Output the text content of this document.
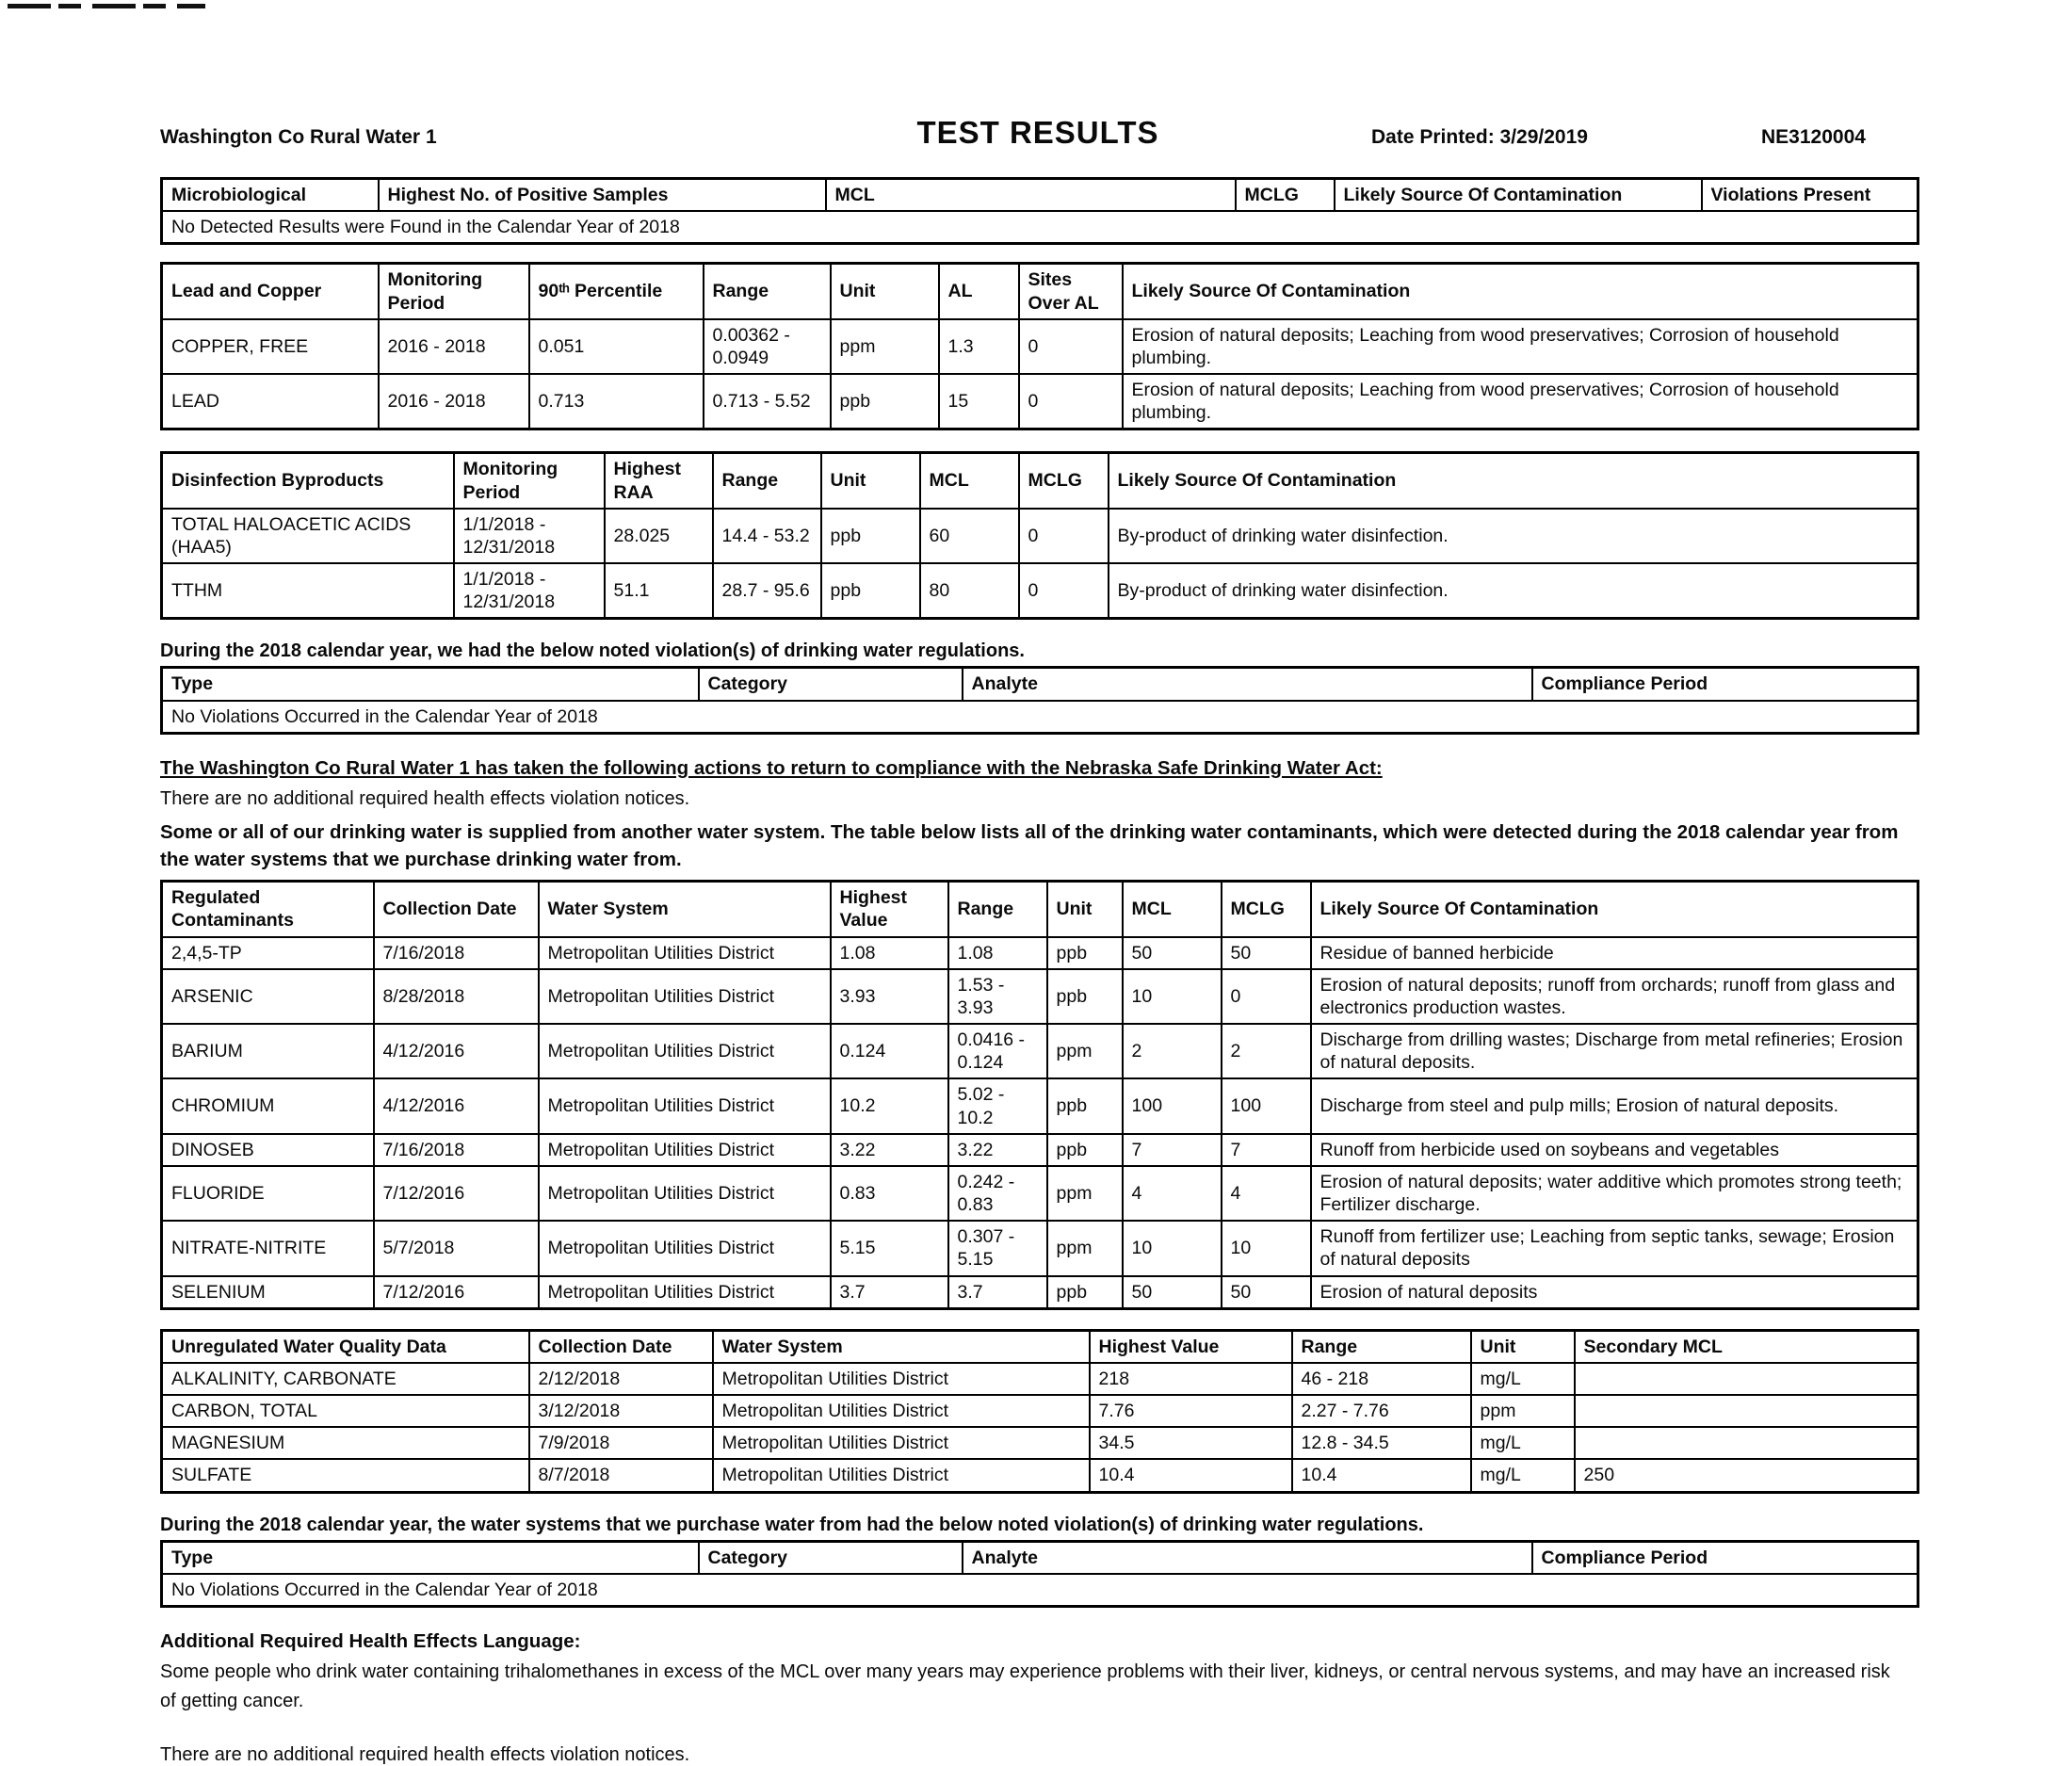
Washington Co Rural Water 1	TEST RESULTS	Date Printed: 3/29/2019	NE3120004
Microbiological	Highest No. of Positive Samples	MCL	MCLG	Likely Source Of Contamination	Violations Present
No Detected Results were Found in the Calendar Year of 2018
Lead and Copper	Monitoring Period	90ᵗʰ Percentile	Range	Unit	AL	Sites Over AL	Likely Source Of Contamination
COPPER, FREE	2016 - 2018	0.051	0.00362 - 0.0949	ppm	1.3	0	Erosion of natural deposits; Leaching from wood preservatives; Corrosion of household plumbing.
LEAD	2016 - 2018	0.713	0.713 - 5.52	ppb	15	0	Erosion of natural deposits; Leaching from wood preservatives; Corrosion of household plumbing.
Disinfection Byproducts	Monitoring Period	Highest RAA	Range	Unit	MCL	MCLG	Likely Source Of Contamination
TOTAL HALOACETIC ACIDS (HAA5)	1/1/2018 - 12/31/2018	28.025	14.4 - 53.2	ppb	60	0	By-product of drinking water disinfection.
TTHM	1/1/2018 - 12/31/2018	51.1	28.7 - 95.6	ppb	80	0	By-product of drinking water disinfection.
During the 2018 calendar year, we had the below noted violation(s) of drinking water regulations.
Type	Category	Analyte	Compliance Period
No Violations Occurred in the Calendar Year of 2018
The Washington Co Rural Water 1 has taken the following actions to return to compliance with the Nebraska Safe Drinking Water Act:
There are no additional required health effects violation notices.
Some or all of our drinking water is supplied from another water system. The table below lists all of the drinking water contaminants, which were detected during the 2018 calendar year from the water systems that we purchase drinking water from.
Regulated Contaminants	Collection Date	Water System	Highest Value	Range	Unit	MCL	MCLG	Likely Source Of Contamination
2,4,5-TP	7/16/2018	Metropolitan Utilities District	1.08	1.08	ppb	50	50	Residue of banned herbicide
ARSENIC	8/28/2018	Metropolitan Utilities District	3.93	1.53 - 3.93	ppb	10	0	Erosion of natural deposits; runoff from orchards; runoff from glass and electronics production wastes.
BARIUM	4/12/2016	Metropolitan Utilities District	0.124	0.0416 - 0.124	ppm	2	2	Discharge from drilling wastes; Discharge from metal refineries; Erosion of natural deposits.
CHROMIUM	4/12/2016	Metropolitan Utilities District	10.2	5.02 - 10.2	ppb	100	100	Discharge from steel and pulp mills; Erosion of natural deposits.
DINOSEB	7/16/2018	Metropolitan Utilities District	3.22	3.22	ppb	7	7	Runoff from herbicide used on soybeans and vegetables
FLUORIDE	7/12/2016	Metropolitan Utilities District	0.83	0.242 - 0.83	ppm	4	4	Erosion of natural deposits; water additive which promotes strong teeth; Fertilizer discharge.
NITRATE-NITRITE	5/7/2018	Metropolitan Utilities District	5.15	0.307 - 5.15	ppm	10	10	Runoff from fertilizer use; Leaching from septic tanks, sewage; Erosion of natural deposits
SELENIUM	7/12/2016	Metropolitan Utilities District	3.7	3.7	ppb	50	50	Erosion of natural deposits
Unregulated Water Quality Data	Collection Date	Water System	Highest Value	Range	Unit	Secondary MCL
ALKALINITY, CARBONATE	2/12/2018	Metropolitan Utilities District	218	46 - 218	mg/L	
CARBON, TOTAL	3/12/2018	Metropolitan Utilities District	7.76	2.27 - 7.76	ppm	
MAGNESIUM	7/9/2018	Metropolitan Utilities District	34.5	12.8 - 34.5	mg/L	
SULFATE	8/7/2018	Metropolitan Utilities District	10.4	10.4	mg/L	250
During the 2018 calendar year, the water systems that we purchase water from had the below noted violation(s) of drinking water regulations.
Type	Category	Analyte	Compliance Period
No Violations Occurred in the Calendar Year of 2018
Additional Required Health Effects Language:
Some people who drink water containing trihalomethanes in excess of the MCL over many years may experience problems with their liver, kidneys, or central nervous systems, and may have an increased risk of getting cancer.
There are no additional required health effects violation notices.
